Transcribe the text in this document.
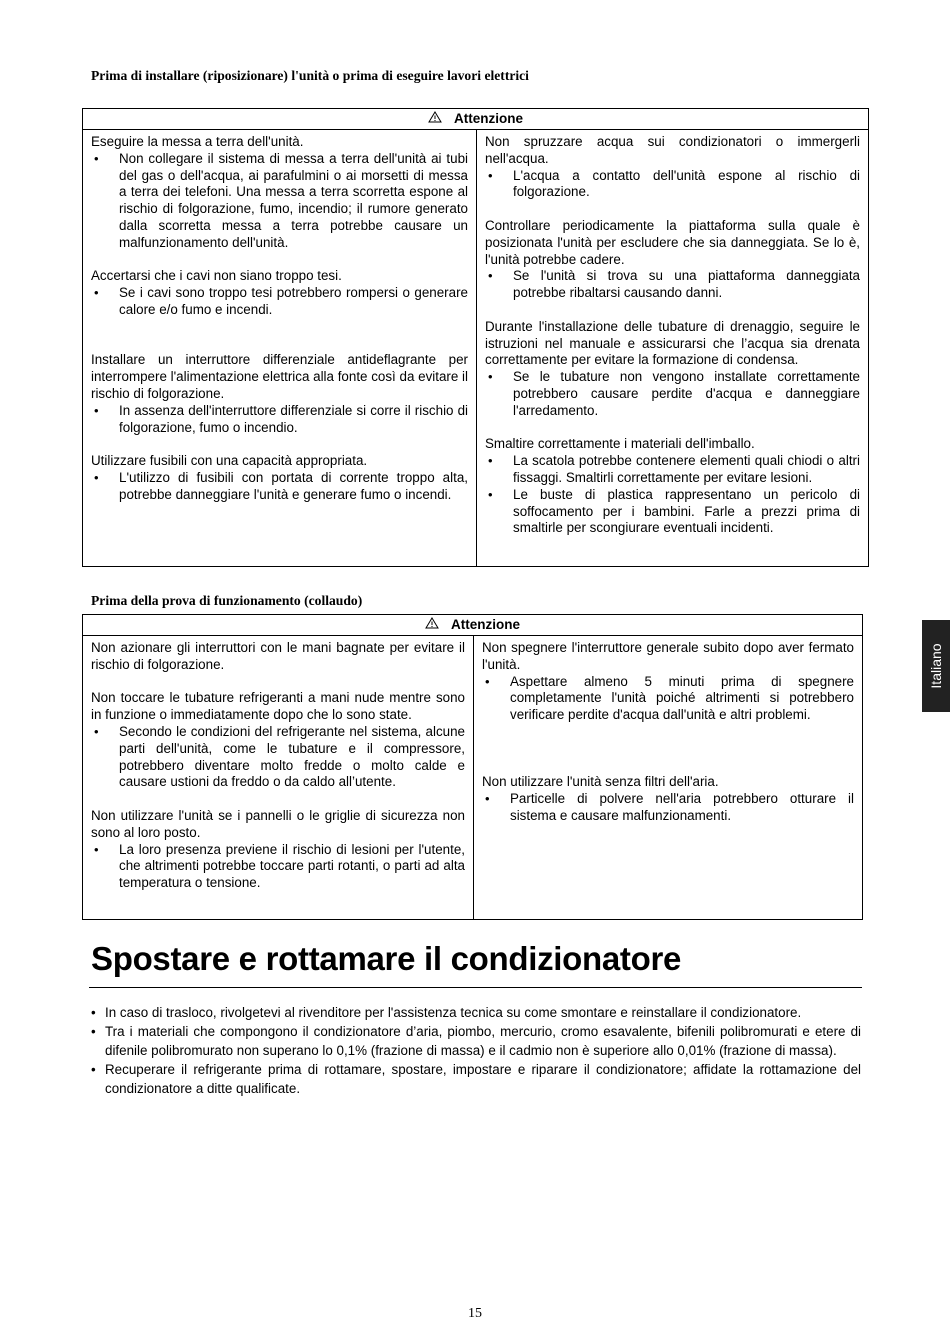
Prima di installare (riposizionare) l'unità o prima di eseguire lavori elettrici
Attenzione

Eseguire la messa a terra dell'unità.

• Non collegare il sistema di messa a terra dell'unità ai tubi del gas o dell'acqua, ai parafulmini o ai morsetti di messa a terra dei telefoni. Una messa a terra scorretta espone al rischio di folgorazione, fumo, incendio; il rumore generato dalla scorretta messa a terra potrebbe causare un malfunzionamento dell'unità.

Accertarsi che i cavi non siano troppo tesi.

• Se i cavi sono troppo tesi potrebbero rompersi o generare calore e/o fumo e incendi.

Installare un interruttore differenziale antideflagrante per interrompere l'alimentazione elettrica alla fonte così da evitare il rischio di folgorazione.

• In assenza dell'interruttore differenziale si corre il rischio di folgorazione, fumo o incendio.

Utilizzare fusibili con una capacità appropriata.

• L'utilizzo di fusibili con portata di corrente troppo alta, potrebbe danneggiare l'unità e generare fumo o incendi.

Non spruzzare acqua sui condizionatori o immergerli nell'acqua.

• L'acqua a contatto dell'unità espone al rischio di folgorazione.

Controllare periodicamente la piattaforma sulla quale è posizionata l'unità per escludere che sia danneggiata. Se lo è, l'unità potrebbe cadere.

• Se l'unità si trova su una piattaforma danneggiata potrebbe ribaltarsi causando danni.

Durante l'installazione delle tubature di drenaggio, seguire le istruzioni nel manuale e assicurarsi che l’acqua sia drenata correttamente per evitare la formazione di condensa.

• Se le tubature non vengono installate correttamente potrebbero causare perdite d'acqua e danneggiare l'arredamento.

Smaltire correttamente i materiali dell'imballo.

• La scatola potrebbe contenere elementi quali chiodi o altri fissaggi. Smaltirli correttamente per evitare lesioni.
• Le buste di plastica rappresentano un pericolo di soffocamento per i bambini. Farle a prezzi prima di smaltirle per scongiurare eventuali incidenti.
Prima della prova di funzionamento (collaudo)
Attenzione

Non azionare gli interruttori con le mani bagnate per evitare il rischio di folgorazione.

Non toccare le tubature refrigeranti a mani nude mentre sono in funzione o immediatamente dopo che lo sono state.

• Secondo le condizioni del refrigerante nel sistema, alcune parti dell'unità, come le tubature e il compressore, potrebbero diventare molto fredde o molto calde e causare ustioni da freddo o da caldo all’utente.

Non utilizzare l'unità se i pannelli o le griglie di sicurezza non sono al loro posto.

• La loro presenza previene il rischio di lesioni per l'utente, che altrimenti potrebbe toccare parti rotanti, o parti ad alta temperatura o tensione.

Non spegnere l'interruttore generale subito dopo aver fermato l'unità.

• Aspettare almeno 5 minuti prima di spegnere completamente l'unità poiché altrimenti si potrebbero verificare perdite d'acqua dall'unità e altri problemi.

Non utilizzare l'unità senza filtri dell'aria.

• Particelle di polvere nell'aria potrebbero otturare il sistema e causare malfunzionamenti.
Spostare e rottamare il condizionatore
• In caso di trasloco, rivolgetevi al rivenditore per l'assistenza tecnica su come smontare e reinstallare il condizionatore.
• Tra i materiali che compongono il condizionatore d’aria, piombo, mercurio, cromo esavalente, bifenili polibromurati e etere di difenile polibromurato non superano lo 0,1% (frazione di massa) e il cadmio non è superiore allo 0,01% (frazione di massa).
• Recuperare il refrigerante prima di rottamare, spostare, impostare e riparare il condizionatore; affidate la rottamazione del condizionatore a ditte qualificate.
Italiano
15
